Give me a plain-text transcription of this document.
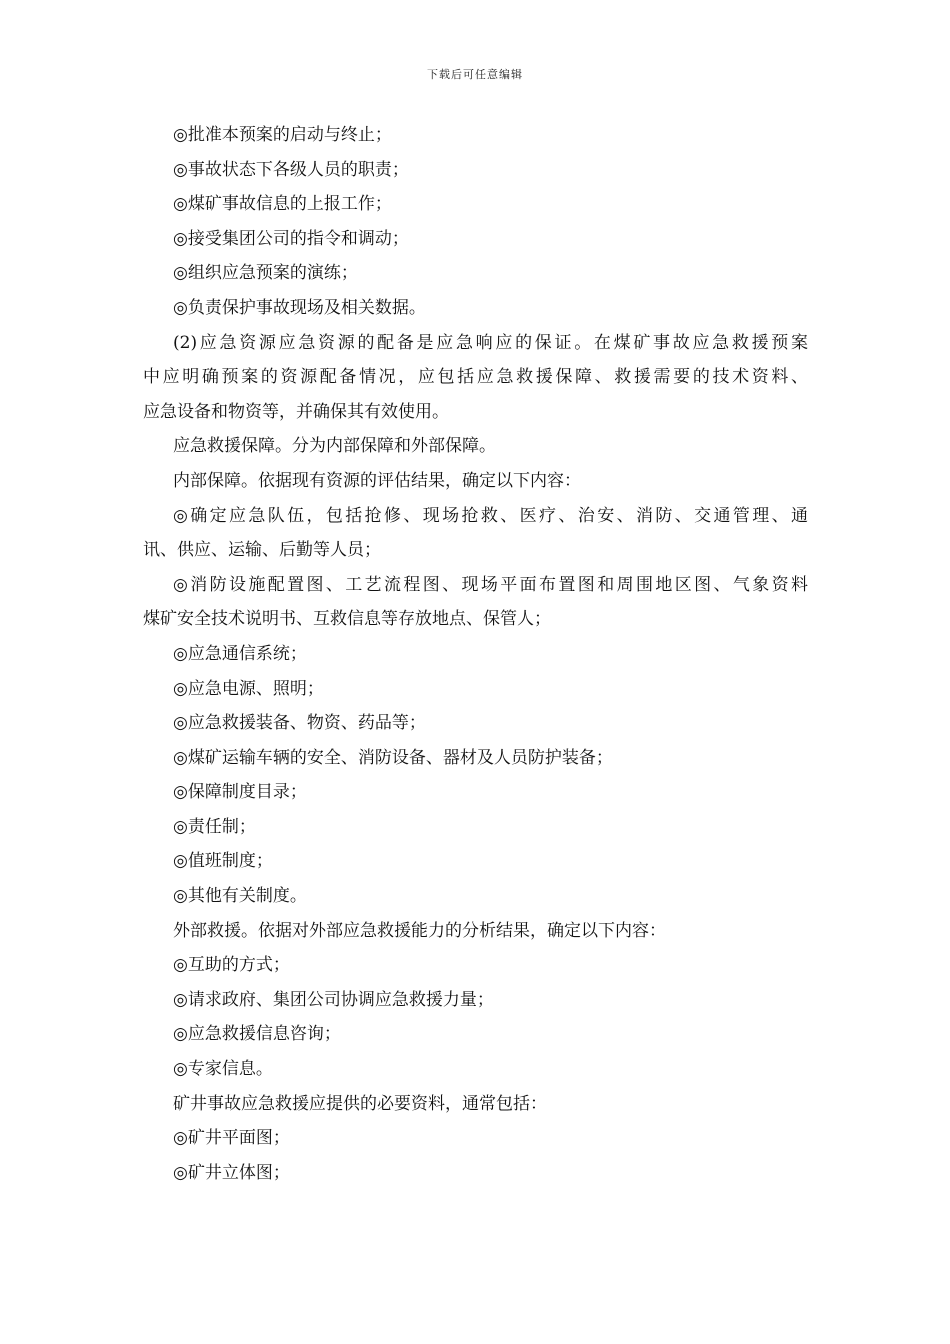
下载后可任意编辑
◎批准本预案的启动与终止；
◎事故状态下各级人员的职责；
◎煤矿事故信息的上报工作；
◎接受集团公司的指令和调动；
◎组织应急预案的演练；
◎负责保护事故现场及相关数据。
(2)应急资源应急资源的配备是应急响应的保证。在煤矿事故应急救援预案
中应明确预案的资源配备情况，应包括应急救援保障、救援需要的技术资料、
应急设备和物资等，并确保其有效使用。
应急救援保障。分为内部保障和外部保障。
内部保障。依据现有资源的评估结果，确定以下内容：
◎确定应急队伍，包括抢修、现场抢救、医疗、治安、消防、交通管理、通
讯、供应、运输、后勤等人员；
◎消防设施配置图、工艺流程图、现场平面布置图和周围地区图、气象资料
煤矿安全技术说明书、互救信息等存放地点、保管人；
◎应急通信系统；
◎应急电源、照明；
◎应急救援装备、物资、药品等；
◎煤矿运输车辆的安全、消防设备、器材及人员防护装备；
◎保障制度目录；
◎责任制；
◎值班制度；
◎其他有关制度。
外部救援。依据对外部应急救援能力的分析结果，确定以下内容：
◎互助的方式；
◎请求政府、集团公司协调应急救援力量；
◎应急救援信息咨询；
◎专家信息。
矿井事故应急救援应提供的必要资料，通常包括：
◎矿井平面图；
◎矿井立体图；
